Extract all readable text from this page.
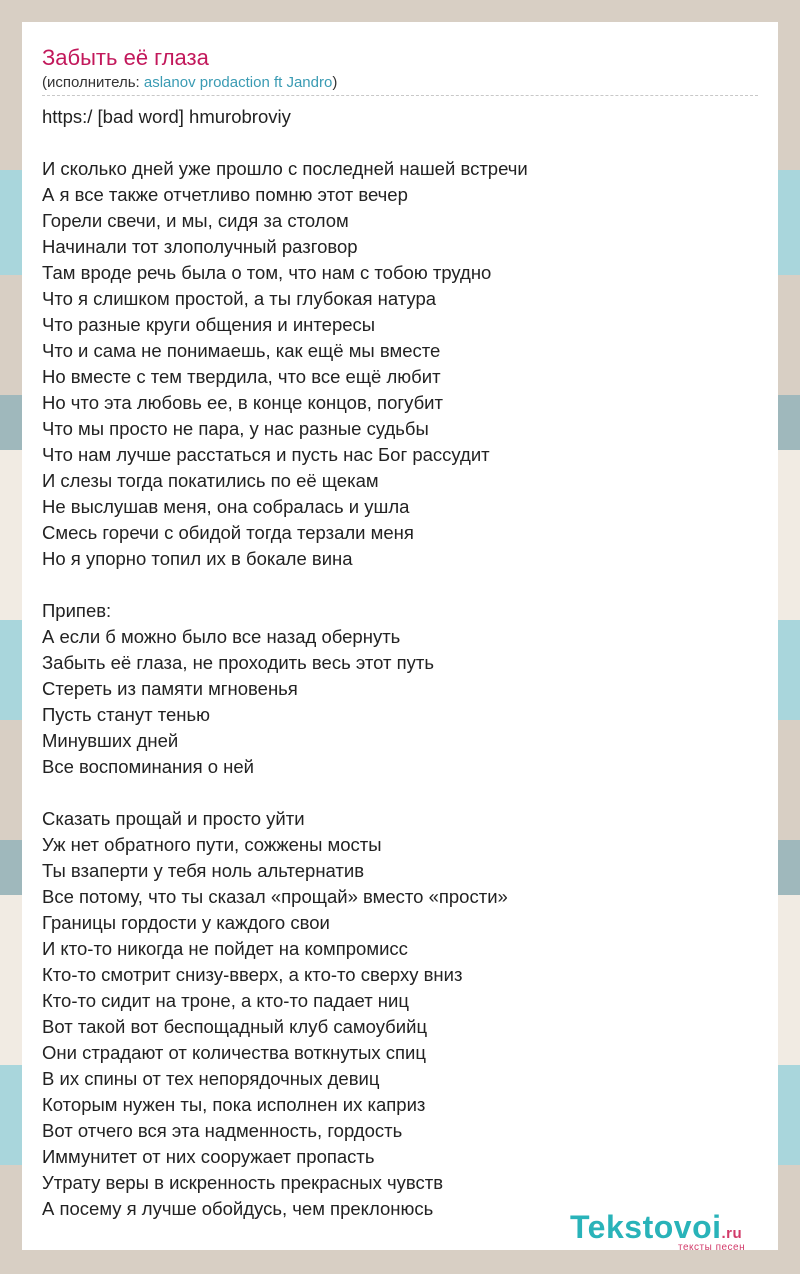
Забыть её глаза
(исполнитель: aslanov prodaction ft Jandro)
https:/ [bad word] hmurobroviy
И сколько дней уже прошло с последней нашей встречи
А я все также отчетливо помню этот вечер
Горели свечи, и мы, сидя за столом
Начинали тот злополучный разговор
Там вроде речь была о том, что нам с тобою трудно
Что я слишком простой, а ты глубокая натура
Что разные круги общения и интересы
Что и сама не понимаешь, как ещё мы вместе
Но вместе с тем твердила, что все ещё любит
Но что эта любовь ее, в конце концов, погубит
Что мы просто не пара, у нас разные судьбы
Что нам лучше расстаться и пусть нас Бог рассудит
И слезы тогда покатились по её щекам
Не выслушав меня, она собралась и ушла
Смесь горечи с обидой тогда терзали меня
Но я упорно топил их в бокале вина
Припев:
А если б можно было все назад обернуть
Забыть её глаза, не проходить весь этот путь
Стереть из памяти мгновенья
Пусть станут тенью
Минувших дней
Все воспоминания о ней
Сказать прощай и просто уйти
Уж нет обратного пути, сожжены мосты
Ты взаперти у тебя ноль альтернатив
Все потому, что ты сказал «прощай» вместо «прости»
Границы гордости у каждого свои
И кто-то никогда не пойдет на компромисс
Кто-то смотрит снизу-вверх, а кто-то сверху вниз
Кто-то сидит на троне, а кто-то падает ниц
Вот такой вот беспощадный клуб самоубийц
Они страдают от количества воткнутых спиц
В их спины от тех непорядочных девиц
Которым нужен ты, пока исполнен их каприз
Вот отчего вся эта надменность, гордость
Иммунитет от них сооружает пропасть
Утрату веры в искренность прекрасных чувств
А посему я лучше обойдусь, чем преклонюсь
Tekstovoi.ru
тексты песен
